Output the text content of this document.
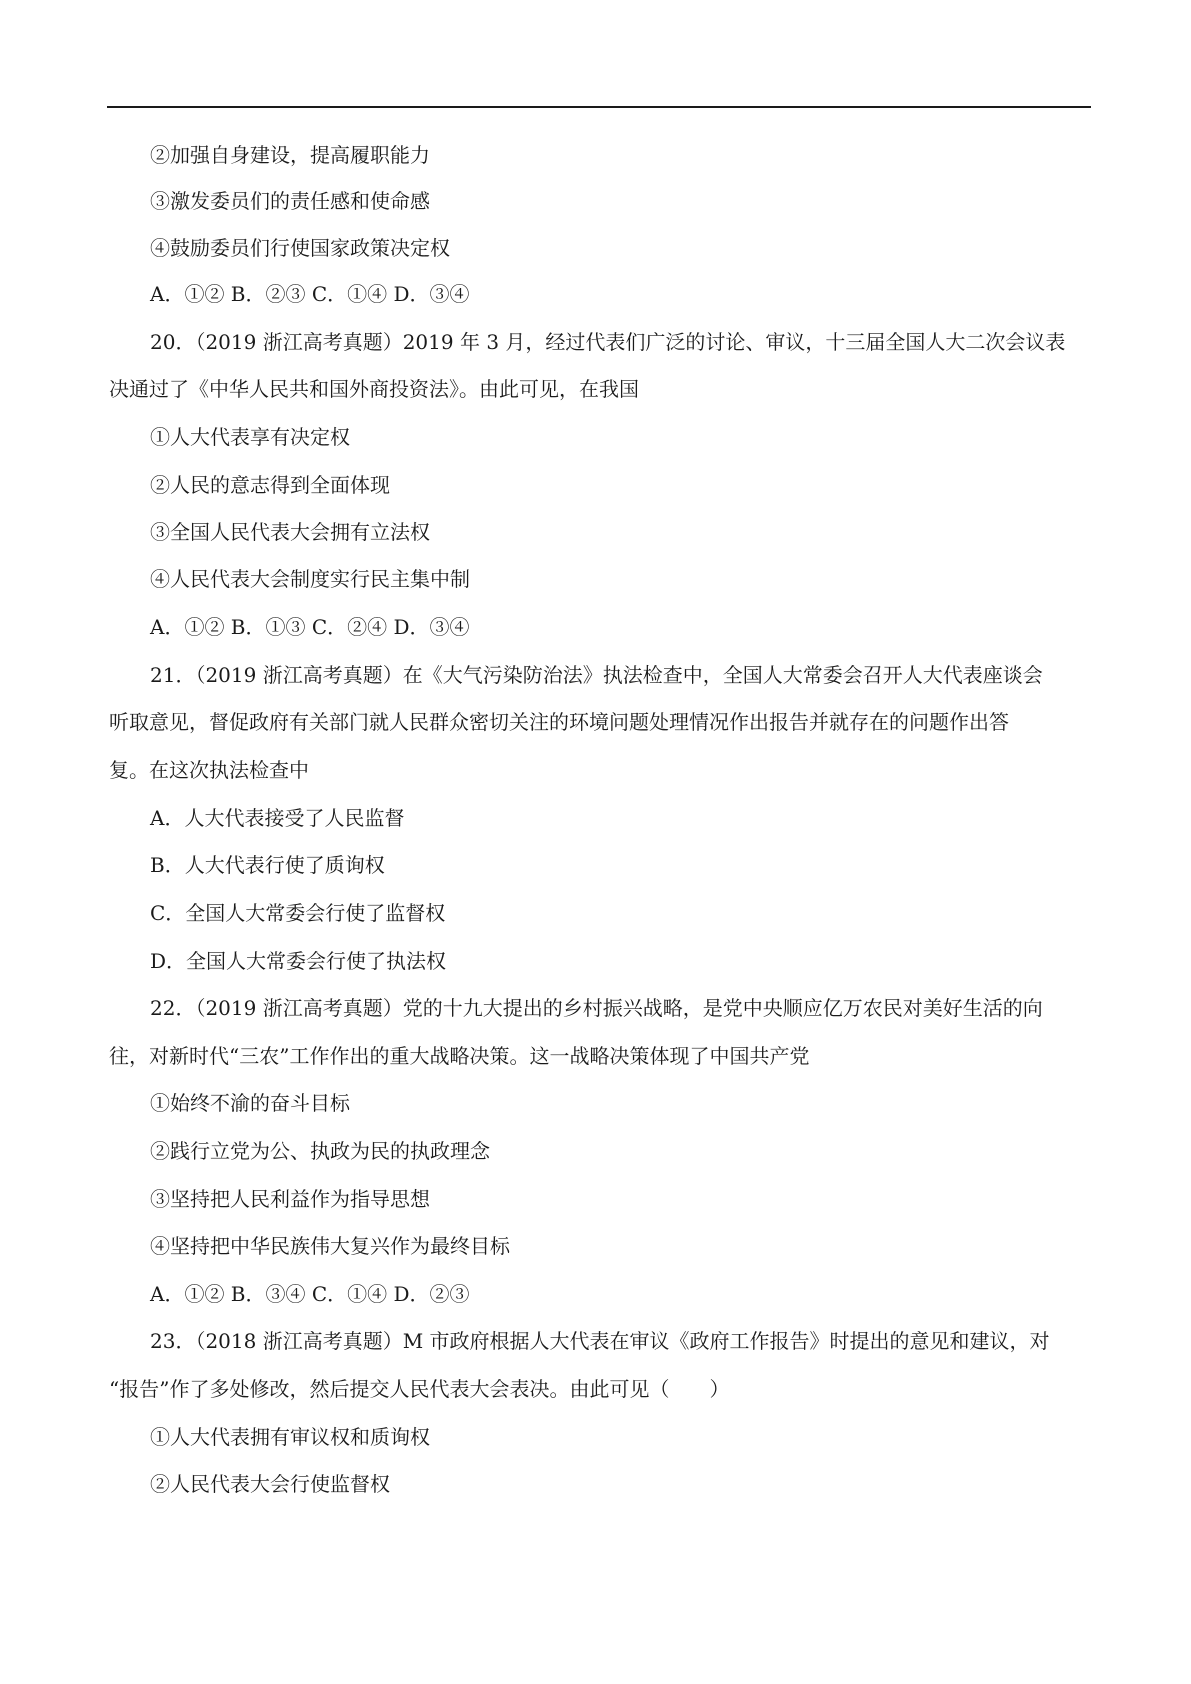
②加强自身建设，提高履职能力
③激发委员们的责任感和使命感
④鼓励委员们行使国家政策决定权
A．①② B．②③ C．①④ D．③④
20．（2019 浙江高考真题）2019 年 3 月，经过代表们广泛的讨论、审议，十三届全国人大二次会议表
决通过了《中华人民共和国外商投资法》。由此可见，在我国
①人大代表享有决定权
②人民的意志得到全面体现
③全国人民代表大会拥有立法权
④人民代表大会制度实行民主集中制
A．①② B．①③ C．②④ D．③④
21．（2019 浙江高考真题）在《大气污染防治法》执法检查中，全国人大常委会召开人大代表座谈会
听取意见，督促政府有关部门就人民群众密切关注的环境问题处理情况作出报告并就存在的问题作出答
复。在这次执法检查中
A．人大代表接受了人民监督
B．人大代表行使了质询权
C．全国人大常委会行使了监督权
D．全国人大常委会行使了执法权
22．（2019 浙江高考真题）党的十九大提出的乡村振兴战略，是党中央顺应亿万农民对美好生活的向
往，对新时代“三农”工作作出的重大战略决策。这一战略决策体现了中国共产党
①始终不渝的奋斗目标
②践行立党为公、执政为民的执政理念
③坚持把人民利益作为指导思想
④坚持把中华民族伟大复兴作为最终目标
A．①② B．③④ C．①④ D．②③
23．（2018 浙江高考真题）M 市政府根据人大代表在审议《政府工作报告》时提出的意见和建议，对
“报告”作了多处修改，然后提交人民代表大会表决。由此可见（　　）
①人大代表拥有审议权和质询权
②人民代表大会行使监督权
